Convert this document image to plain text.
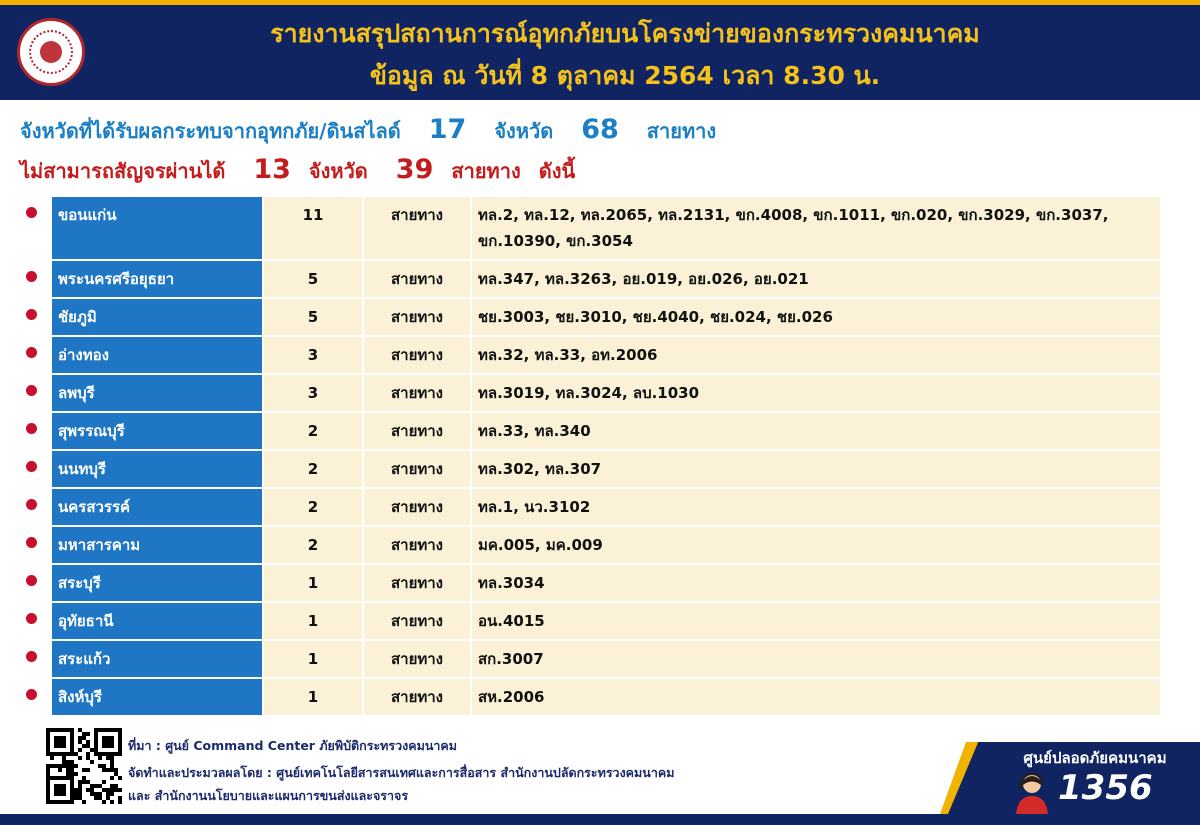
รายงานสรุปสถานการณ์อุทกภัยบนโครงข่ายของกระทรวงคมนาคม
ข้อมูล ณ วันที่ 8 ตุลาคม 2564 เวลา 8.30 น.
จังหวัดที่ได้รับผลกระทบจากอุทกภัย/ดินสไลด์ 17 จังหวัด 68 สายทาง
ไม่สามารถสัญจรผ่านได้ 13 จังหวัด 39 สายทาง ดังนี้
ขอนแก่น	11	สายทาง	ทล.2, ทล.12, ทล.2065, ทล.2131, ขก.4008, ขก.1011, ขก.020, ขก.3029, ขก.3037, ขก.10390, ขก.3054
พระนครศรีอยุธยา	5	สายทาง	ทล.347, ทล.3263, อย.019, อย.026, อย.021
ชัยภูมิ	5	สายทาง	ชย.3003, ชย.3010, ชย.4040, ชย.024, ชย.026
อ่างทอง	3	สายทาง	ทล.32, ทล.33, อท.2006
ลพบุรี	3	สายทาง	ทล.3019, ทล.3024, ลบ.1030
สุพรรณบุรี	2	สายทาง	ทล.33, ทล.340
นนทบุรี	2	สายทาง	ทล.302, ทล.307
นครสวรรค์	2	สายทาง	ทล.1, นว.3102
มหาสารคาม	2	สายทาง	มค.005, มค.009
สระบุรี	1	สายทาง	ทล.3034
อุทัยธานี	1	สายทาง	อน.4015
สระแก้ว	1	สายทาง	สก.3007
สิงห์บุรี	1	สายทาง	สห.2006
ที่มา : ศูนย์ Command Center ภัยพิบัติกระทรวงคมนาคม
จัดทำและประมวลผลโดย : ศูนย์เทคโนโลยีสารสนเทศและการสื่อสาร สำนักงานปลัดกระทรวงคมนาคม
และ สำนักงานนโยบายและแผนการขนส่งและจราจร
ศูนย์ปลอดภัยคมนาคม
1356
